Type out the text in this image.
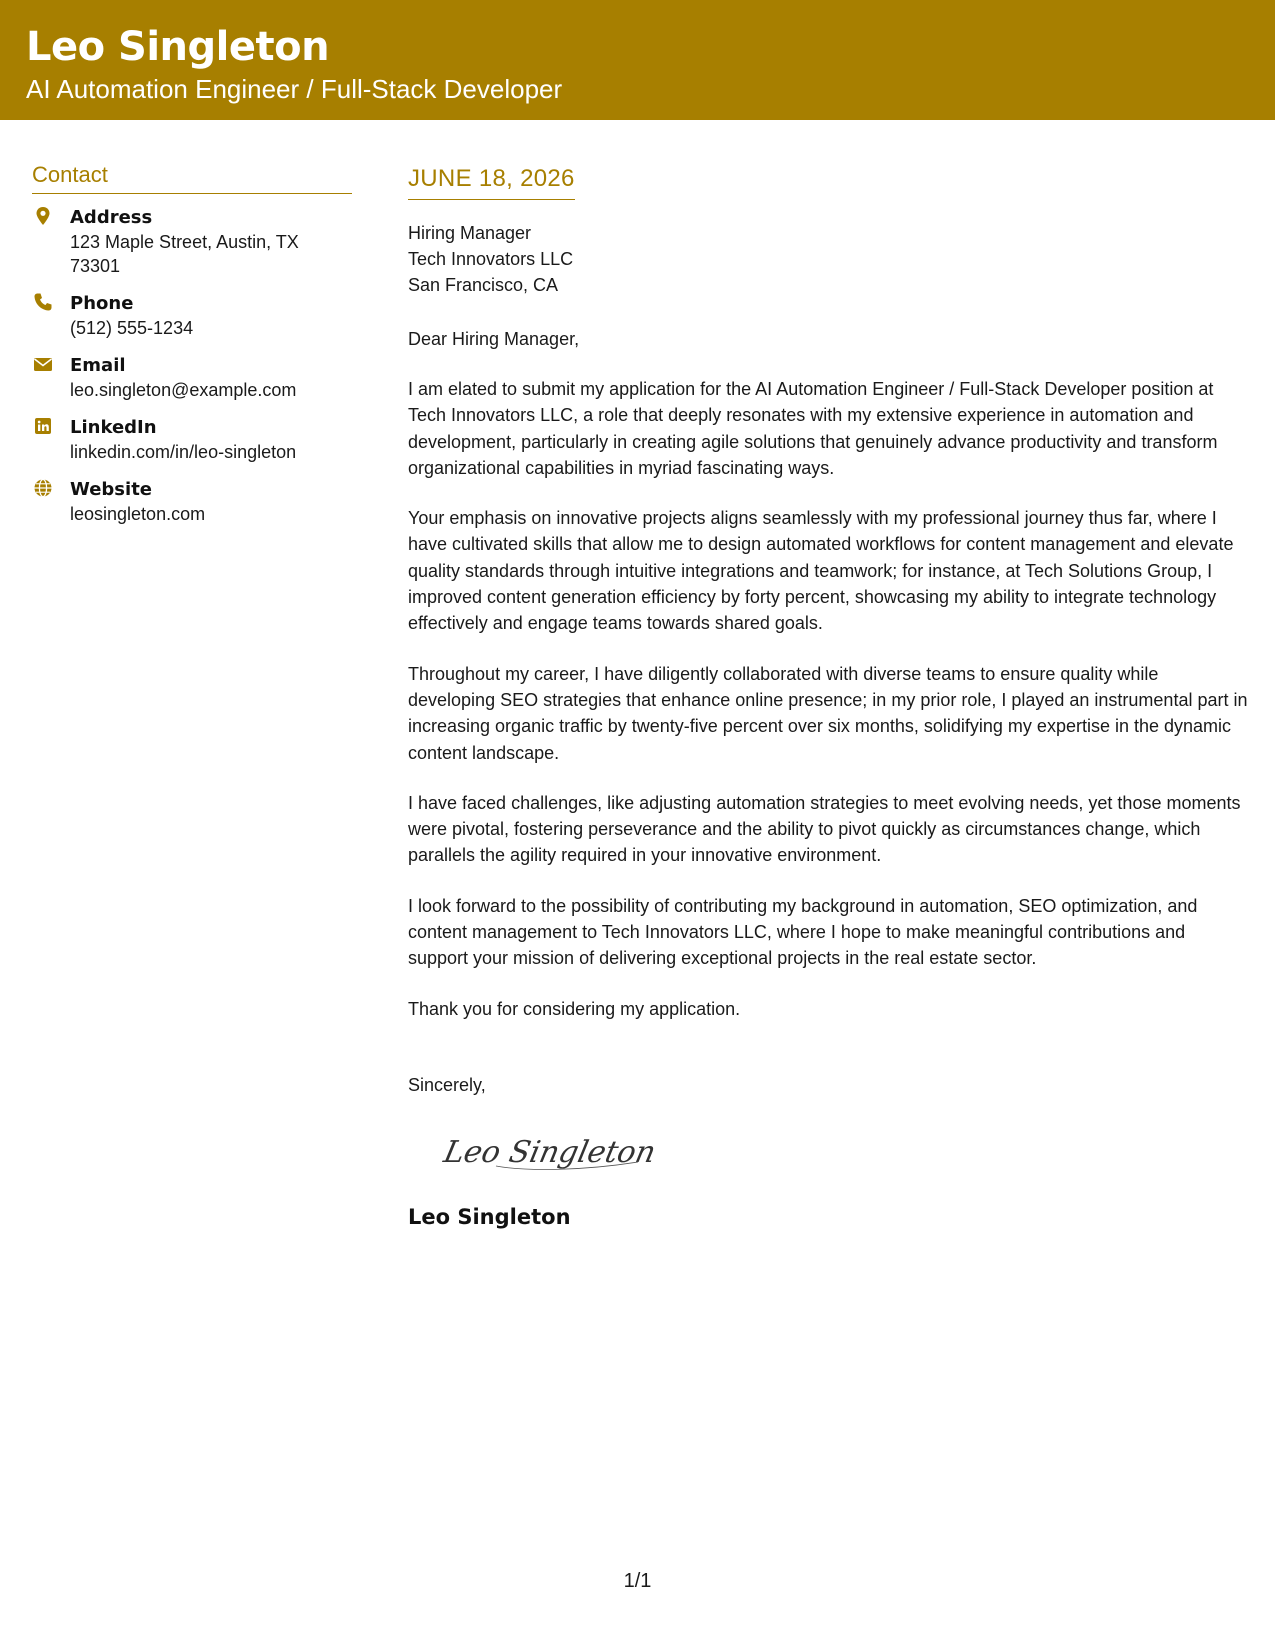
Leo Singleton
AI Automation Engineer / Full-Stack Developer
Contact
Address
123 Maple Street, Austin, TX 73301
Phone
(512) 555-1234
Email
leo.singleton@example.com
LinkedIn
linkedin.com/in/leo-singleton
Website
leosingleton.com
JUNE 18, 2026
Hiring Manager
Tech Innovators LLC
San Francisco, CA
Dear Hiring Manager,
I am elated to submit my application for the AI Automation Engineer / Full-Stack Developer position at Tech Innovators LLC, a role that deeply resonates with my extensive experience in automation and development, particularly in creating agile solutions that genuinely advance productivity and transform organizational capabilities in myriad fascinating ways.
Your emphasis on innovative projects aligns seamlessly with my professional journey thus far, where I have cultivated skills that allow me to design automated workflows for content management and elevate quality standards through intuitive integrations and teamwork; for instance, at Tech Solutions Group, I improved content generation efficiency by forty percent, showcasing my ability to integrate technology effectively and engage teams towards shared goals.
Throughout my career, I have diligently collaborated with diverse teams to ensure quality while developing SEO strategies that enhance online presence; in my prior role, I played an instrumental part in increasing organic traffic by twenty-five percent over six months, solidifying my expertise in the dynamic content landscape.
I have faced challenges, like adjusting automation strategies to meet evolving needs, yet those moments were pivotal, fostering perseverance and the ability to pivot quickly as circumstances change, which parallels the agility required in your innovative environment.
I look forward to the possibility of contributing my background in automation, SEO optimization, and content management to Tech Innovators LLC, where I hope to make meaningful contributions and support your mission of delivering exceptional projects in the real estate sector.
Thank you for considering my application.
Sincerely,
Leo Singleton
Leo Singleton
1/1
